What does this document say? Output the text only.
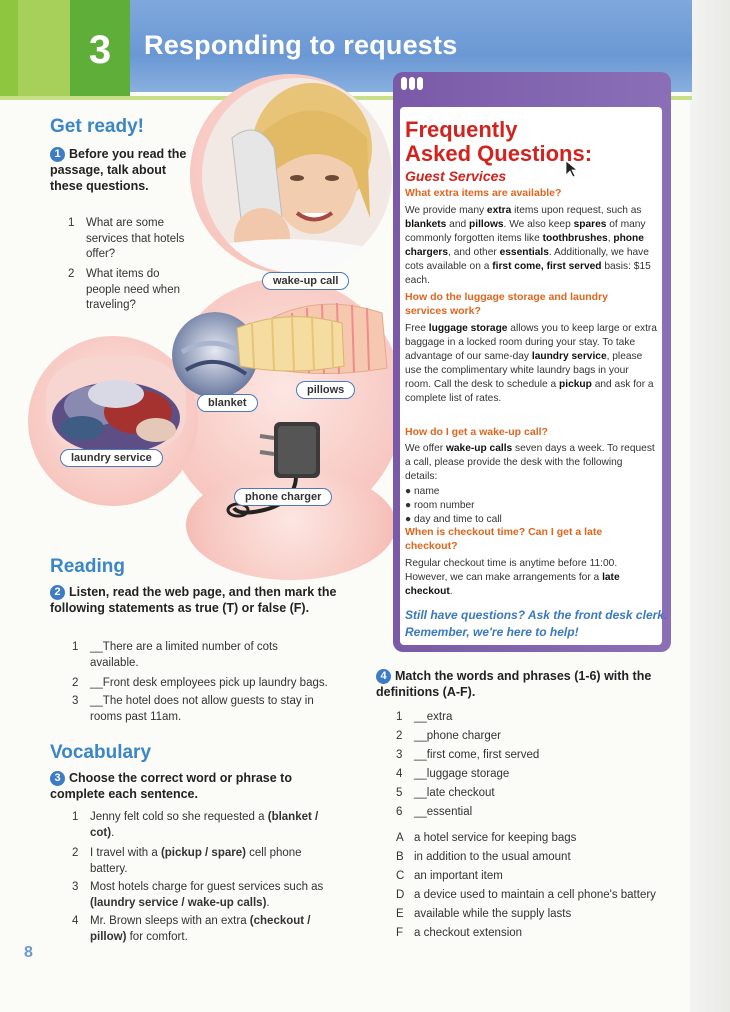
3	Responding to requests
wake-up call
pillows
blanket
laundry service
phone charger
Get ready!
1 Before you read the passage, talk about these questions.
1 What are some services that hotels offer?
2 What items do people need when traveling?
Reading
2 Listen, read the web page, and then mark the following statements as true (T) or false (F).
1 __There are a limited number of cots available.
2 __Front desk employees pick up laundry bags.
3 __The hotel does not allow guests to stay in rooms past 11am.
Vocabulary
3 Choose the correct word or phrase to complete each sentence.
1 Jenny felt cold so she requested a (blanket / cot).
2 I travel with a (pickup / spare) cell phone battery.
3 Most hotels charge for guest services such as (laundry service / wake-up calls).
4 Mr. Brown sleeps with an extra (checkout / pillow) for comfort.
Frequently
Asked Questions:
Guest Services
What extra items are available?
We provide many extra items upon request, such as blankets and pillows. We also keep spares of many commonly forgotten items like toothbrushes, phone chargers, and other essentials. Additionally, we have cots available on a first come, first served basis: $15 each.
How do the luggage storage and laundry services work?
Free luggage storage allows you to keep large or extra baggage in a locked room during your stay. To take advantage of our same-day laundry service, please use the complimentary white laundry bags in your room. Call the desk to schedule a pickup and ask for a complete list of rates.
How do I get a wake-up call?
We offer wake-up calls seven days a week. To request a call, please provide the desk with the following details:
● name
● room number
● day and time to call
When is checkout time? Can I get a late checkout?
Regular checkout time is anytime before 11:00. However, we can make arrangements for a late checkout.
Still have questions? Ask the front desk clerk.
Remember, we're here to help!
4 Match the words and phrases (1-6) with the definitions (A-F).
1 __extra
2 __phone charger
3 __first come, first served
4 __luggage storage
5 __late checkout
6 __essential
A a hotel service for keeping bags
B in addition to the usual amount
C an important item
D a device used to maintain a cell phone's battery
E available while the supply lasts
F a checkout extension
8
